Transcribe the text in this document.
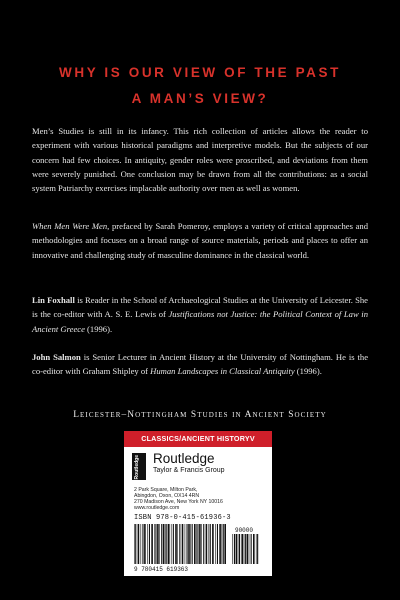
WHY IS OUR VIEW OF THE PAST
A MAN’S VIEW?
Men’s Studies is still in its infancy. This rich collection of articles allows the reader to experiment with various historical paradigms and interpretive models. But the subjects of our concern had few choices. In antiquity, gender roles were proscribed, and deviations from them were severely punished. One conclusion may be drawn from all the contributions: as a social system Patriarchy exercises implacable authority over men as well as women.
When Men Were Men, prefaced by Sarah Pomeroy, employs a variety of critical approaches and methodologies and focuses on a broad range of source materials, periods and places to offer an innovative and challenging study of masculine dominance in the classical world.
Lin Foxhall is Reader in the School of Archaeological Studies at the University of Leicester. She is the co-editor with A. S. E. Lewis of Justifications not Justice: the Political Context of Law in Ancient Greece (1996).
John Salmon is Senior Lecturer in Ancient History at the University of Nottingham. He is the co-editor with Graham Shipley of Human Landscapes in Classical Antiquity (1996).
Leicester–Nottingham Studies in Ancient Society
CLASSICS/ANCIENT HISTORYV
Routledge Routledge
Taylor & Francis Group
2 Park Square, Milton Park,
Abingdon, Oxon, OX14 4RN
270 Madison Ave, New York NY 10016
www.routledge.com
ISBN 978-0-415-61936-3
90000
9 780415 619363
